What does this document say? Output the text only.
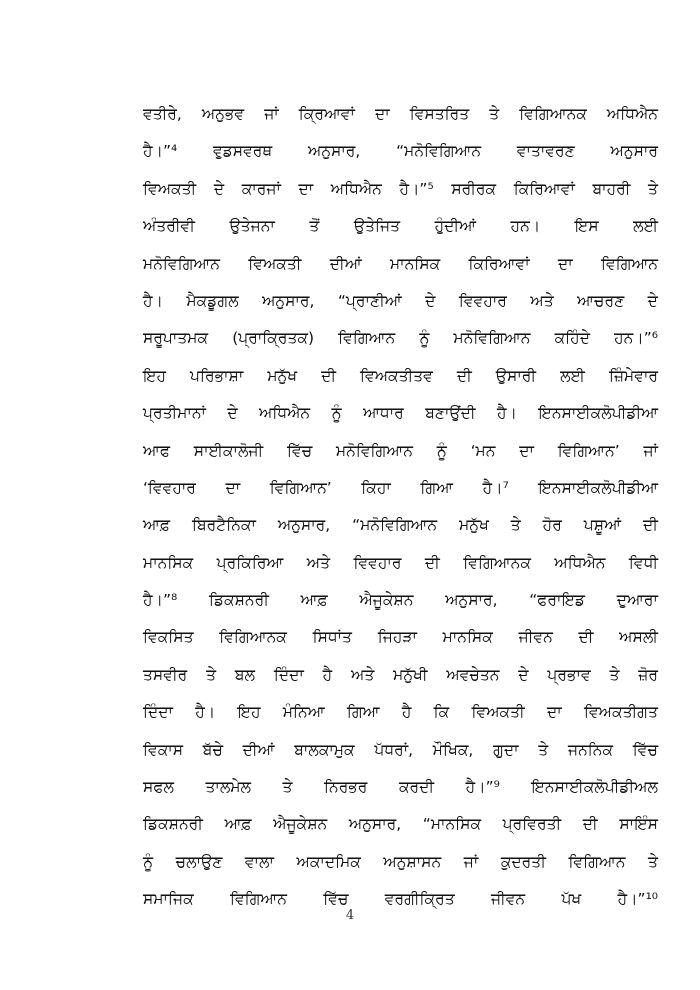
ਵਤੀਰੇ, ਅਨੁਭਵ ਜਾਂ ਕ੍ਰਿਆਵਾਂ ਦਾ ਵਿਸਤਰਿਤ ਤੇ ਵਿਗਿਆਨਕ ਅਧਿਐਨ
ਹੈ।”⁴ ਵੁਡਸਵਰਥ ਅਨੁਸਾਰ, “ਮਨੋਵਿਗਿਆਨ ਵਾਤਾਵਰਣ ਅਨੁਸਾਰ
ਵਿਅਕਤੀ ਦੇ ਕਾਰਜਾਂ ਦਾ ਅਧਿਐਨ ਹੈ।”⁵ ਸਰੀਰਕ ਕਿਰਿਆਵਾਂ ਬਾਹਰੀ ਤੇ
ਅੰਤਰੀਵੀ ਉਤੇਜਨਾ ਤੋਂ ਉਤੇਜਿਤ ਹੁੰਦੀਆਂ ਹਨ। ਇਸ ਲਈ
ਮਨੋਵਿਗਿਆਨ ਵਿਅਕਤੀ ਦੀਆਂ ਮਾਨਸਿਕ ਕਿਰਿਆਵਾਂ ਦਾ ਵਿਗਿਆਨ
ਹੈ। ਮੈਕਡੂਗਲ ਅਨੁਸਾਰ, “ਪ੍ਰਾਣੀਆਂ ਦੇ ਵਿਵਹਾਰ ਅਤੇ ਆਚਰਣ ਦੇ
ਸਰੂਪਾਤਮਕ (ਪ੍ਰਾਕ੍ਰਿਤਕ) ਵਿਗਿਆਨ ਨੂੰ ਮਨੋਵਿਗਿਆਨ ਕਹਿੰਦੇ ਹਨ।”⁶
ਇਹ ਪਰਿਭਾਸ਼ਾ ਮਨੁੱਖ ਦੀ ਵਿਅਕਤੀਤਵ ਦੀ ਉਸਾਰੀ ਲਈ ਜ਼ਿੰਮੇਵਾਰ
ਪ੍ਰਤੀਮਾਨਾਂ ਦੇ ਅਧਿਐਨ ਨੂੰ ਆਧਾਰ ਬਣਾਉਂਦੀ ਹੈ। ਇਨਸਾਈਕਲੋਪੀਡੀਆ
ਆਫ ਸਾਈਕਾਲੋਜੀ ਵਿੱਚ ਮਨੋਵਿਗਿਆਨ ਨੂੰ ‘ਮਨ ਦਾ ਵਿਗਿਆਨ’ ਜਾਂ
‘ਵਿਵਹਾਰ ਦਾ ਵਿਗਿਆਨ’ ਕਿਹਾ ਗਿਆ ਹੈ।⁷ ਇਨਸਾਈਕਲੋਪੀਡੀਆ
ਆਫ਼ ਬਿਰਟੈਨਿਕਾ ਅਨੁਸਾਰ, “ਮਨੋਵਿਗਿਆਨ ਮਨੁੱਖ ਤੇ ਹੋਰ ਪਸ਼ੂਆਂ ਦੀ
ਮਾਨਸਿਕ ਪ੍ਰਕਿਰਿਆ ਅਤੇ ਵਿਵਹਾਰ ਦੀ ਵਿਗਿਆਨਕ ਅਧਿਐਨ ਵਿਧੀ
ਹੈ।”⁸ ਡਿਕਸ਼ਨਰੀ ਆਫ਼ ਐਜੂਕੇਸ਼ਨ ਅਨੁਸਾਰ, “ਫਰਾਇਡ ਦੁਆਰਾ
ਵਿਕਸਿਤ ਵਿਗਿਆਨਕ ਸਿਧਾਂਤ ਜਿਹੜਾ ਮਾਨਸਿਕ ਜੀਵਨ ਦੀ ਅਸਲੀ
ਤਸਵੀਰ ਤੇ ਬਲ ਦਿੰਦਾ ਹੈ ਅਤੇ ਮਨੁੱਖੀ ਅਵਚੇਤਨ ਦੇ ਪ੍ਰਭਾਵ ਤੇ ਜ਼ੋਰ
ਦਿੰਦਾ ਹੈ। ਇਹ ਮੰਨਿਆ ਗਿਆ ਹੈ ਕਿ ਵਿਅਕਤੀ ਦਾ ਵਿਅਕਤੀਗਤ
ਵਿਕਾਸ ਬੱਚੇ ਦੀਆਂ ਬਾਲਕਾਮੁਕ ਪੱਧਰਾਂ, ਮੌਖਿਕ, ਗੁਦਾ ਤੇ ਜਨਨਿਕ ਵਿੱਚ
ਸਫਲ ਤਾਲਮੇਲ ਤੇ ਨਿਰਭਰ ਕਰਦੀ ਹੈ।”⁹ ਇਨਸਾਈਕਲੋਪੀਡੀਅਲ
ਡਿਕਸ਼ਨਰੀ ਆਫ਼ ਐਜੂਕੇਸ਼ਨ ਅਨੁਸਾਰ, “ਮਾਨਸਿਕ ਪ੍ਰਵਿਰਤੀ ਦੀ ਸਾਇੰਸ
ਨੂੰ ਚਲਾਉਣ ਵਾਲਾ ਅਕਾਦਮਿਕ ਅਨੁਸ਼ਾਸਨ ਜਾਂ ਕੁਦਰਤੀ ਵਿਗਿਆਨ ਤੇ
ਸਮਾਜਿਕ ਵਿਗਿਆਨ ਵਿੱਚ ਵਰਗੀਕ੍ਰਿਤ ਜੀਵਨ ਪੱਖ ਹੈ।”¹⁰
4
